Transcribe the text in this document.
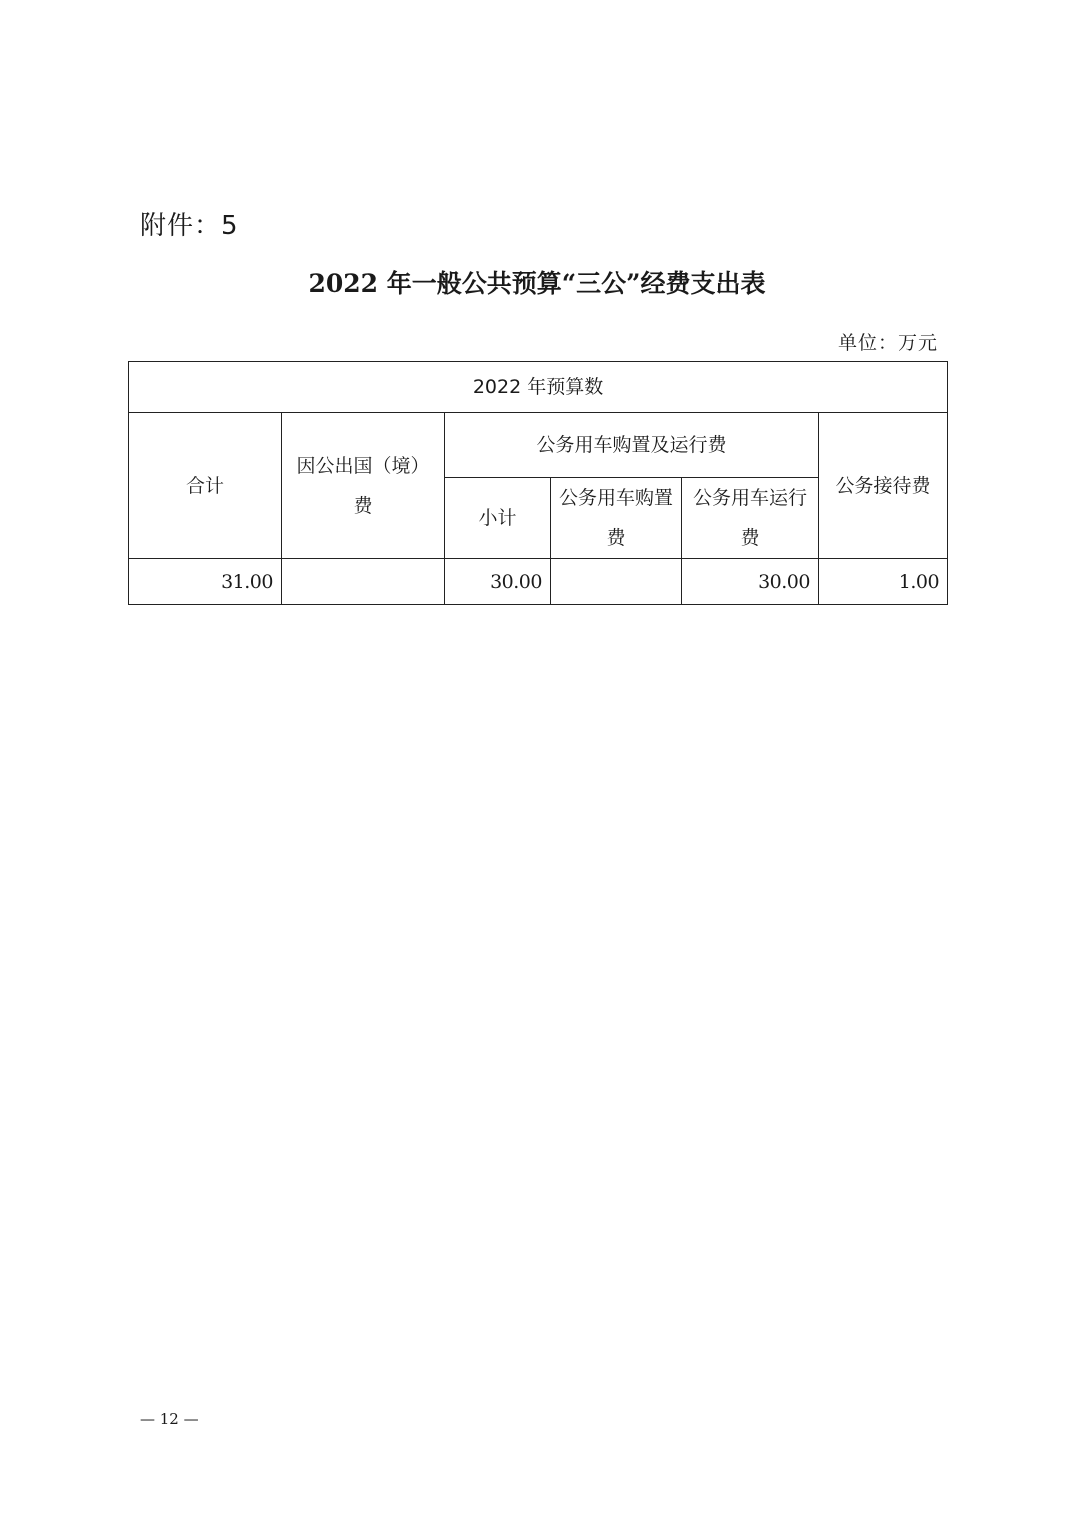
附件：5
2022 年一般公共预算“三公”经费支出表
单位：万元
2022 年预算数					
合计	因公出国（境）费	公务用车购置及运行费			公务接待费
		小计	公务用车购置费	公务用车运行费	
31.00		30.00		30.00	1.00
— 12 —
